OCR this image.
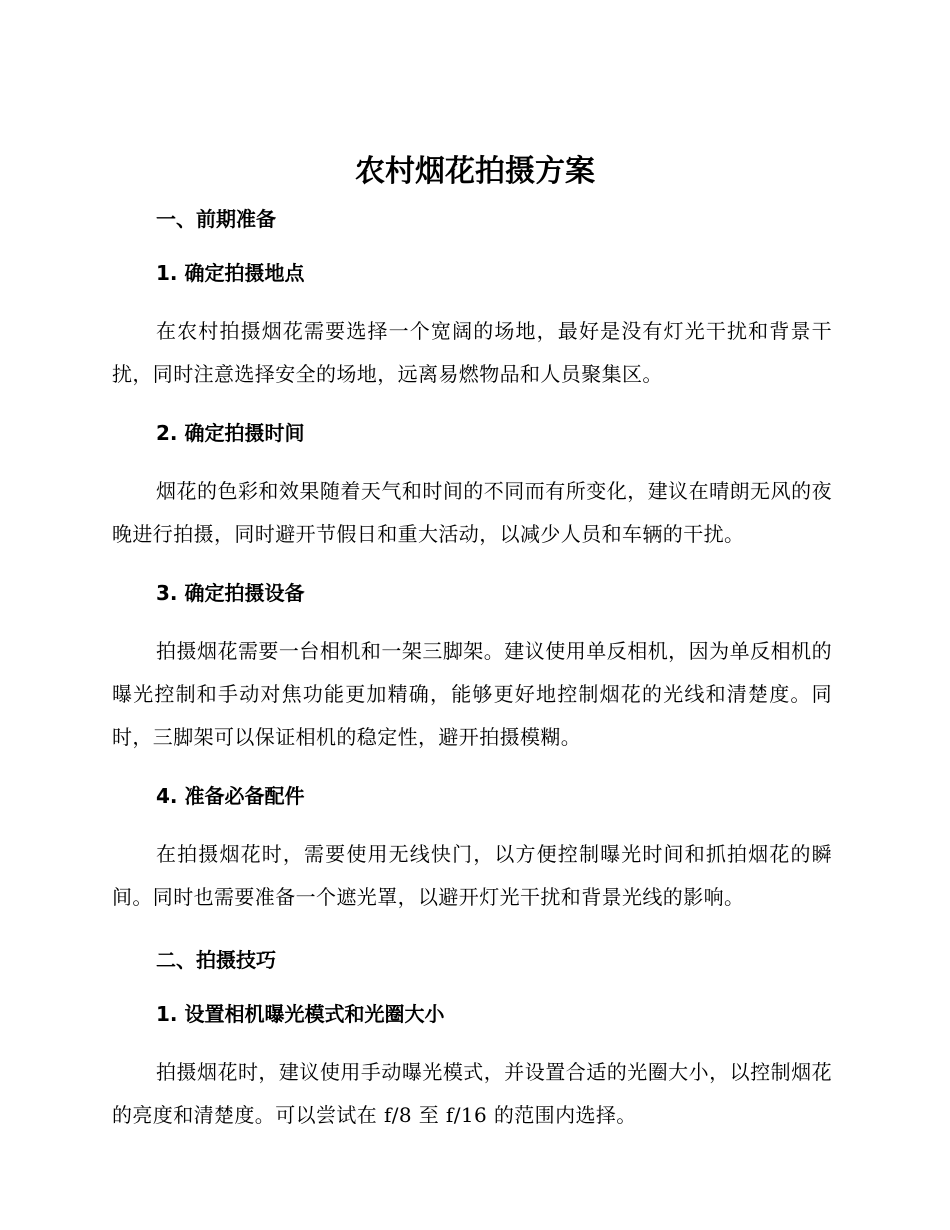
农村烟花拍摄方案
一、前期准备
1. 确定拍摄地点

在农村拍摄烟花需要选择一个宽阔的场地，最好是没有灯光干扰和背景干扰，同时注意选择安全的场地，远离易燃物品和人员聚集区。

2. 确定拍摄时间

烟花的色彩和效果随着天气和时间的不同而有所变化，建议在晴朗无风的夜晚进行拍摄，同时避开节假日和重大活动，以减少人员和车辆的干扰。

3. 确定拍摄设备

拍摄烟花需要一台相机和一架三脚架。建议使用单反相机，因为单反相机的曝光控制和手动对焦功能更加精确，能够更好地控制烟花的光线和清楚度。同时，三脚架可以保证相机的稳定性，避开拍摄模糊。

4. 准备必备配件

在拍摄烟花时，需要使用无线快门，以方便控制曝光时间和抓拍烟花的瞬间。同时也需要准备一个遮光罩，以避开灯光干扰和背景光线的影响。

二、拍摄技巧
1. 设置相机曝光模式和光圈大小

拍摄烟花时，建议使用手动曝光模式，并设置合适的光圈大小，以控制烟花的亮度和清楚度。可以尝试在 f/8 至 f/16 的范围内选择。
